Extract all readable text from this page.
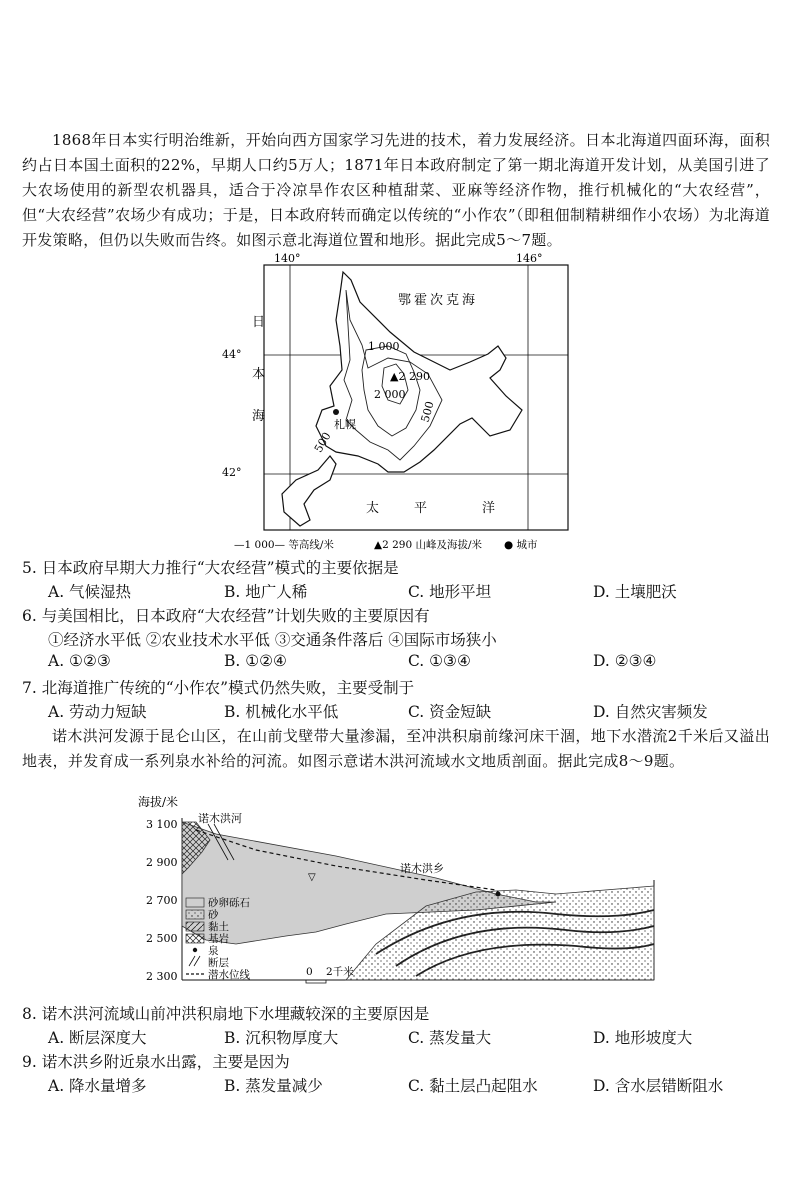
1868年日本实行明治维新，开始向西方国家学习先进的技术，着力发展经济。日本北海道四面环海，面积约占日本国土面积的22%，早期人口约5万人；1871年日本政府制定了第一期北海道开发计划，从美国引进了大农场使用的新型农机器具，适合于冷凉旱作农区种植甜菜、亚麻等经济作物，推行机械化的“大农经营”，但“大农经营”农场少有成功；于是，日本政府转而确定以传统的“小作农”（即租佃制精耕细作小农场）为北海道开发策略，但仍以失败而告终。如图示意北海道位置和地形。据此完成5～7题。
140°	146°
44°
42°
鄂霍次克海
日
本
海
1 000
▲2 290
2 000
500
500
札幌
太	平	洋
—1 000— 等高线/米	▲2 290 山峰及海拔/米 ● 城市
5. 日本政府早期大力推行“大农经营”模式的主要依据是
A. 气候湿热	B. 地广人稀	C. 地形平坦	D. 土壤肥沃
6. 与美国相比，日本政府“大农经营”计划失败的主要原因有
①经济水平低 ②农业技术水平低 ③交通条件落后 ④国际市场狭小
A. ①②③	B. ①②④	C. ①③④	D. ②③④
7. 北海道推广传统的“小作农”模式仍然失败，主要受制于
A. 劳动力短缺	B. 机械化水平低	C. 资金短缺	D. 自然灾害频发
诺木洪河发源于昆仑山区，在山前戈壁带大量渗漏，至冲洪积扇前缘河床干涸，地下水潜流2千米后又溢出地表，并发育成一系列泉水补给的河流。如图示意诺木洪河流域水文地质剖面。据此完成8～9题。
海拔/米
3 100
2 900
2 700
2 500
2 300
▽
诺木洪河
诺木洪乡
砂卵砾石
砂
黏土
基岩
泉
断层
潜水位线	0 2千米
8. 诺木洪河流域山前冲洪积扇地下水埋藏较深的主要原因是
A. 断层深度大	B. 沉积物厚度大	C. 蒸发量大	D. 地形坡度大
9. 诺木洪乡附近泉水出露，主要是因为
A. 降水量增多	B. 蒸发量减少	C. 黏土层凸起阻水	D. 含水层错断阻水
